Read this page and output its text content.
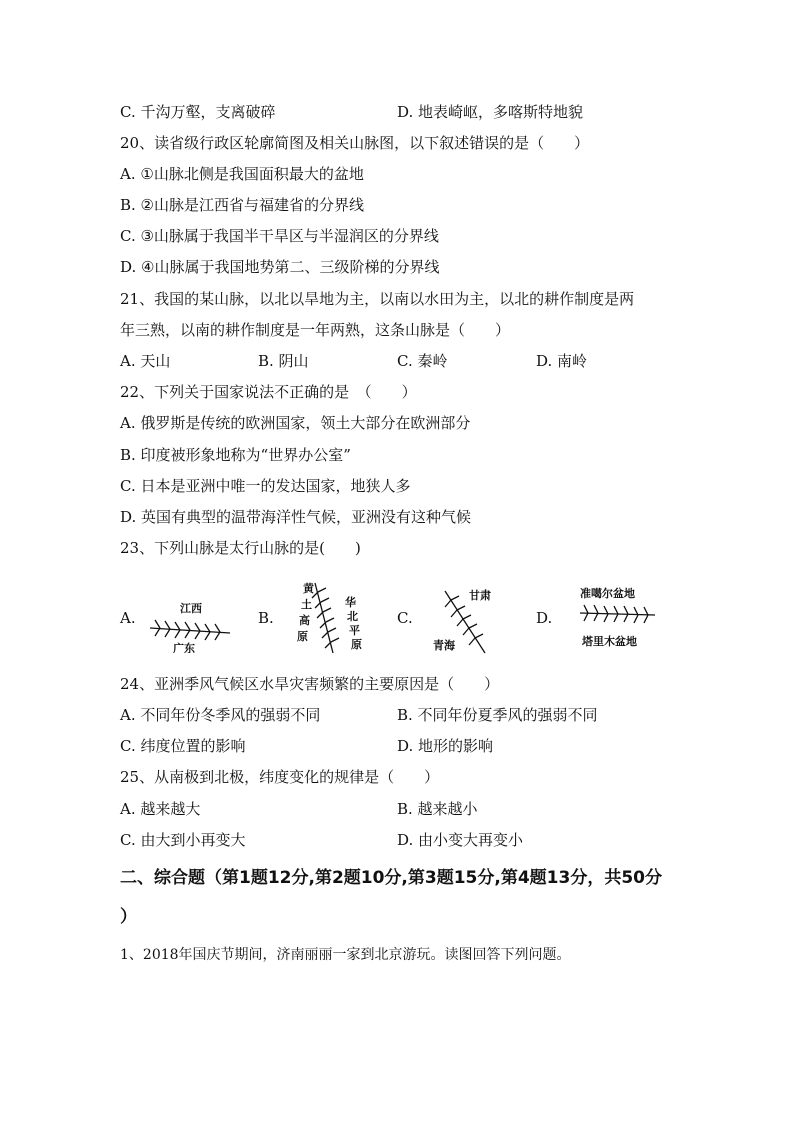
C. 千沟万壑，支离破碎	D. 地表崎岖，多喀斯特地貌
20、读省级行政区轮廓简图及相关山脉图，以下叙述错误的是（　　）
A. ①山脉北侧是我国面积最大的盆地
B. ②山脉是江西省与福建省的分界线
C. ③山脉属于我国半干旱区与半湿润区的分界线
D. ④山脉属于我国地势第二、三级阶梯的分界线
21、我国的某山脉，以北以旱地为主，以南以水田为主，以北的耕作制度是两
年三熟，以南的耕作制度是一年两熟，这条山脉是（　　）
A. 天山	B. 阴山	C. 秦岭	D. 南岭
22、下列关于国家说法不正确的是　（　　）
A. 俄罗斯是传统的欧洲国家，领土大部分在欧洲部分
B. 印度被形象地称为“世界办公室”
C. 日本是亚洲中唯一的发达国家，地狭人多
D. 英国有典型的温带海洋性气候，亚洲没有这种气候
23、下列山脉是太行山脉的是(　　)
A.
江西
广东
B.
黄
土
高
原
华
北
平
原
C.
甘肃
青海
D.
准噶尔盆地
塔里木盆地
24、亚洲季风气候区水旱灾害频繁的主要原因是（　　）
A. 不同年份冬季风的强弱不同	B. 不同年份夏季风的强弱不同
C. 纬度位置的影响	D. 地形的影响
25、从南极到北极，纬度变化的规律是（　　）
A. 越来越大	B. 越来越小
C. 由大到小再变大	D. 由小变大再变小
二、综合题（第1题12分,第2题10分,第3题15分,第4题13分，共50分
）
1、2018年国庆节期间，济南丽丽一家到北京游玩。读图回答下列问题。
